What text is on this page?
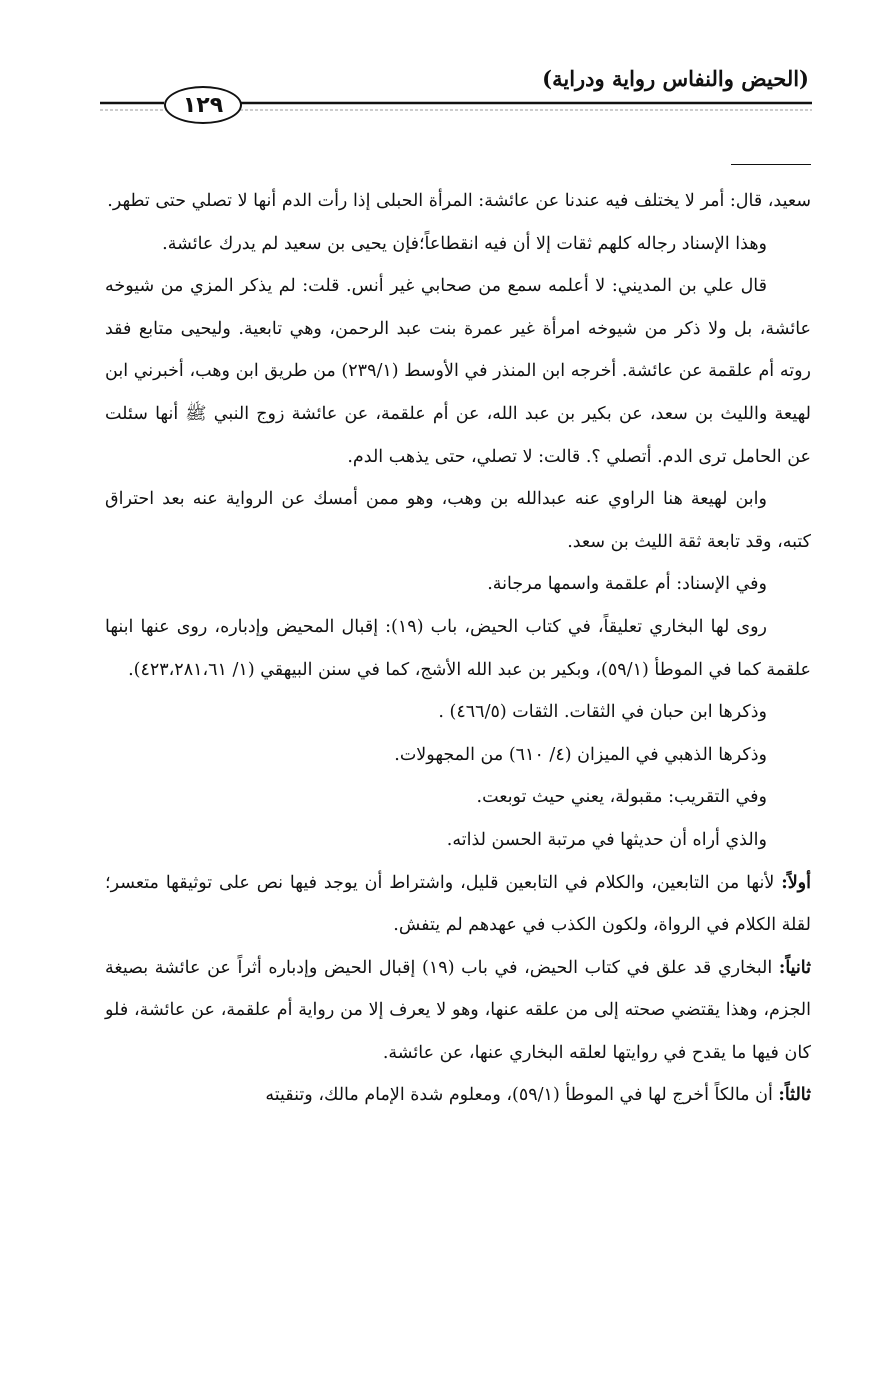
(الحيض والنفاس رواية ودراية)
١٢٩

سعيد، قال: أمر لا يختلف فيه عندنا عن عائشة: المرأة الحبلى إذا رأت الدم أنها لا تصلي حتى تطهر.

وهذا الإسناد رجاله كلهم ثقات إلا أن فيه انقطاعاً؛فإن يحيى بن سعيد لم يدرك عائشة.

قال علي بن المديني: لا أعلمه سمع من صحابي غير أنس. قلت: لم يذكر المزي من شيوخه عائشة، بل ولا ذكر من شيوخه امرأة غير عمرة بنت عبد الرحمن، وهي تابعية. وليحيى متابع فقد روته أم علقمة عن عائشة. أخرجه ابن المنذر في الأوسط (٢٣٩/١) من طريق ابن وهب، أخبرني ابن لهيعة والليث بن سعد، عن بكير بن عبد الله، عن أم علقمة، عن عائشة زوج النبي ﷺ أنها سئلت عن الحامل ترى الدم. أتصلي ؟. قالت: لا تصلي، حتى يذهب الدم.

وابن لهيعة هنا الراوي عنه عبدالله بن وهب، وهو ممن أمسك عن الرواية عنه بعد احتراق كتبه، وقد تابعة ثقة الليث بن سعد.

وفي الإسناد: أم علقمة واسمها مرجانة.

روى لها البخاري تعليقاً، في كتاب الحيض، باب (١٩): إقبال المحيض وإدباره، روى عنها ابنها علقمة كما في الموطأ (٥٩/١)، وبكير بن عبد الله الأشج، كما في سنن البيهقي (١/ ٤٢٣،٢٨١،٦١).

وذكرها ابن حبان في الثقات. الثقات (٤٦٦/٥) .

وذكرها الذهبي في الميزان (٤/ ٦١٠) من المجهولات.

وفي التقريب: مقبولة، يعني حيث توبعت.

والذي أراه أن حديثها في مرتبة الحسن لذاته.

أولاً: لأنها من التابعين، والكلام في التابعين قليل، واشتراط أن يوجد فيها نص على توثيقها متعسر؛ لقلة الكلام في الرواة، ولكون الكذب في عهدهم لم يتفش.

ثانياً: البخاري قد علق في كتاب الحيض، في باب (١٩) إقبال الحيض وإدباره أثراً عن عائشة بصيغة الجزم، وهذا يقتضي صحته إلى من علقه عنها، وهو لا يعرف إلا من رواية أم علقمة، عن عائشة، فلو كان فيها ما يقدح في روايتها لعلقه البخاري عنها، عن عائشة.

ثالثاً: أن مالكاً أخرج لها في الموطأ (٥٩/١)، ومعلوم شدة الإمام مالك، وتنقيته
